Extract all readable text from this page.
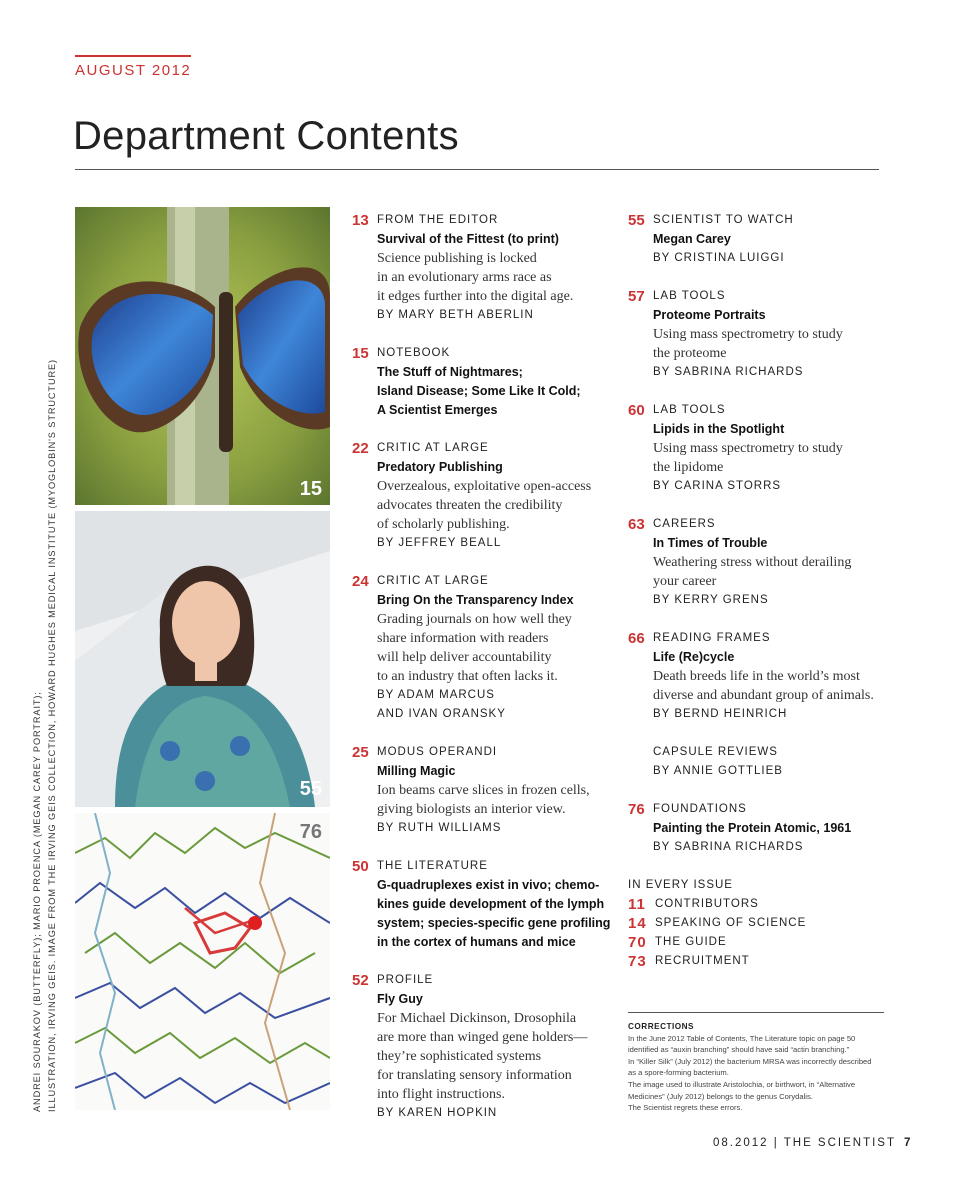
AUGUST 2012
Department Contents
ANDREI SOURAKOV (BUTTERFLY); MARIO PROENCA (MEGAN CAREY PORTRAIT); ILLUSTRATION, IRVING GEIS. IMAGE FROM THE IRVING GEIS COLLECTION, HOWARD HUGHES MEDICAL INSTITUTE (MYOGLOBIN'S STRUCTURE)	15
55
76
13 FROM THE EDITOR
Survival of the Fittest (to print)
Science publishing is locked
in an evolutionary arms race as
it edges further into the digital age.
BY MARY BETH ABERLIN
15 NOTEBOOK
The Stuff of Nightmares;
Island Disease; Some Like It Cold;
A Scientist Emerges
22 CRITIC AT LARGE
Predatory Publishing
Overzealous, exploitative open-access
advocates threaten the credibility
of scholarly publishing.
BY JEFFREY BEALL
24 CRITIC AT LARGE
Bring On the Transparency Index
Grading journals on how well they
share information with readers
will help deliver accountability
to an industry that often lacks it.
BY ADAM MARCUS
AND IVAN ORANSKY
25 MODUS OPERANDI
Milling Magic
Ion beams carve slices in frozen cells,
giving biologists an interior view.
BY RUTH WILLIAMS
50 THE LITERATURE
G-quadruplexes exist in vivo; chemo-
kines guide development of the lymph
system; species-specific gene profiling
in the cortex of humans and mice
52 PROFILE
Fly Guy
For Michael Dickinson, Drosophila
are more than winged gene holders—
they’re sophisticated systems
for translating sensory information
into flight instructions.
BY KAREN HOPKIN
55 SCIENTIST TO WATCH
Megan Carey
BY CRISTINA LUIGGI
57 LAB TOOLS
Proteome Portraits
Using mass spectrometry to study
the proteome
BY SABRINA RICHARDS
60 LAB TOOLS
Lipids in the Spotlight
Using mass spectrometry to study
the lipidome
BY CARINA STORRS
63 CAREERS
In Times of Trouble
Weathering stress without derailing
your career
BY KERRY GRENS
66 READING FRAMES
Life (Re)cycle
Death breeds life in the world’s most
diverse and abundant group of animals.
BY BERND HEINRICH
CAPSULE REVIEWS
BY ANNIE GOTTLIEB
76 FOUNDATIONS
Painting the Protein Atomic, 1961
BY SABRINA RICHARDS
IN EVERY ISSUE
11 CONTRIBUTORS
14 SPEAKING OF SCIENCE
70 THE GUIDE
73 RECRUITMENT
CORRECTIONS
In the June 2012 Table of Contents, The Literature topic on page 50
identified as “auxin branching” should have said “actin branching.”
In “Killer Silk” (July 2012) the bacterium MRSA was incorrectly described
as a spore-forming bacterium.
The image used to illustrate Aristolochia, or birthwort, in “Alternative
Medicines” (July 2012) belongs to the genus Corydalis.
The Scientist regrets these errors.
08.2012 | THE SCIENTIST 7
